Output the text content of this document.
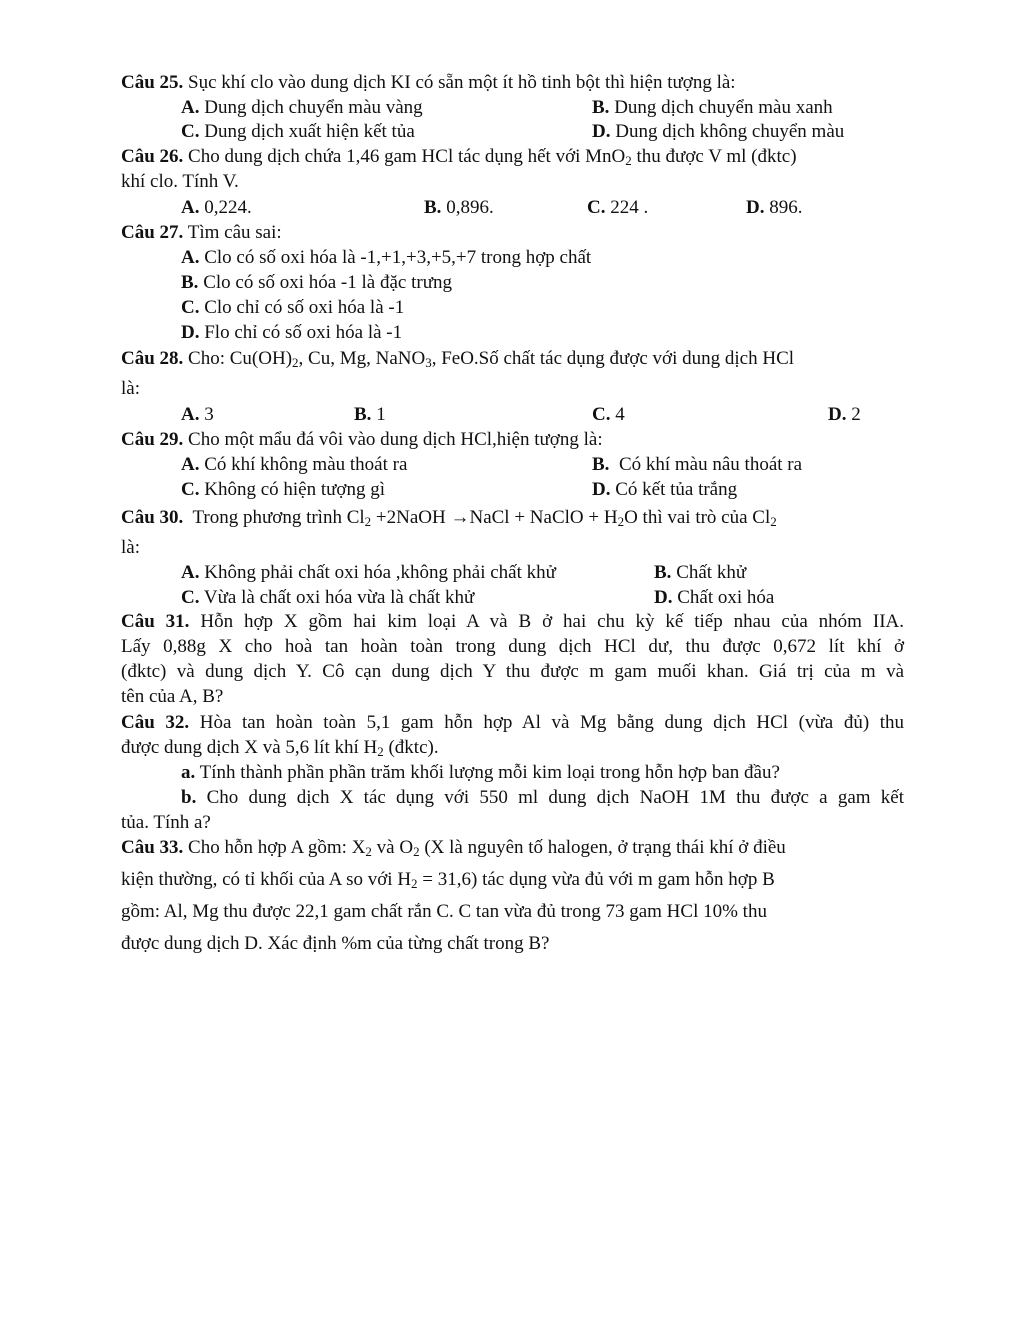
Câu 25. Sục khí clo vào dung dịch KI có sẵn một ít hồ tinh bột thì hiện tượng là:
A. Dung dịch chuyển màu vàng	B. Dung dịch chuyển màu xanh
C. Dung dịch xuất hiện kết tủa	D. Dung dịch không chuyển màu
Câu 26. Cho dung dịch chứa 1,46 gam HCl tác dụng hết với MnO$_2$ thu được V ml (đktc)
khí clo. Tính V.
A. 0,224.	B. 0,896.	C. 224 .	D. 896.
Câu 27. Tìm câu sai:
A. Clo có số oxi hóa là -1,+1,+3,+5,+7 trong hợp chất
B. Clo có số oxi hóa -1 là đặc trưng
C. Clo chỉ có số oxi hóa là -1
D. Flo chỉ có số oxi hóa là -1
Câu 28. Cho: $Cu(OH)_2$, Cu, Mg, NaNO$_3$, FeO.Số chất tác dụng được với dung dịch HCl
là:
A. 3	B. 1	C. 4	D. 2
Câu 29. Cho một mẩu đá vôi vào dung dịch HCl,hiện tượng là:
A. Có khí không màu thoát ra	B. Có khí màu nâu thoát ra
C. Không có hiện tượng gì	D. Có kết tủa trắng
Câu 30. Trong phương trình $Cl_2$ +2NaOH →NaCl + NaClO + $H_2O$ thì vai trò của $Cl_2$
là:
A. Không phải chất oxi hóa ,không phải chất khử	B. Chất khử
C. Vừa là chất oxi hóa vừa là chất khử	D. Chất oxi hóa
Câu 31. Hỗn hợp X gồm hai kim loại A và B ở hai chu kỳ kế tiếp nhau của nhóm IIA.
Lấy 0,88g X cho hoà tan hoàn toàn trong dung dịch HCl dư, thu được 0,672 lít khí ở
(đktc) và dung dịch Y. Cô cạn dung dịch Y thu được m gam muối khan. Giá trị của m và
tên của A, B?
Câu 32. Hòa tan hoàn toàn 5,1 gam hỗn hợp Al và Mg bằng dung dịch HCl (vừa đủ) thu
được dung dịch X và 5,6 lít khí $H_2$ (đktc).
a. Tính thành phần phần trăm khối lượng mỗi kim loại trong hỗn hợp ban đầu?
b. Cho dung dịch X tác dụng với 550 ml dung dịch NaOH 1M thu được a gam kết
tủa. Tính a?
Câu 33. Cho hỗn hợp A gồm: $X_2$ và $O_2$ (X là nguyên tố halogen, ở trạng thái khí ở điều
kiện thường, có tỉ khối của A so với $H_2 = 31,6$) tác dụng vừa đủ với m gam hỗn hợp B
gồm: Al, Mg thu được 22,1 gam chất rắn C. C tan vừa đủ trong 73 gam HCl 10% thu
được dung dịch D. Xác định %m của từng chất trong B?
